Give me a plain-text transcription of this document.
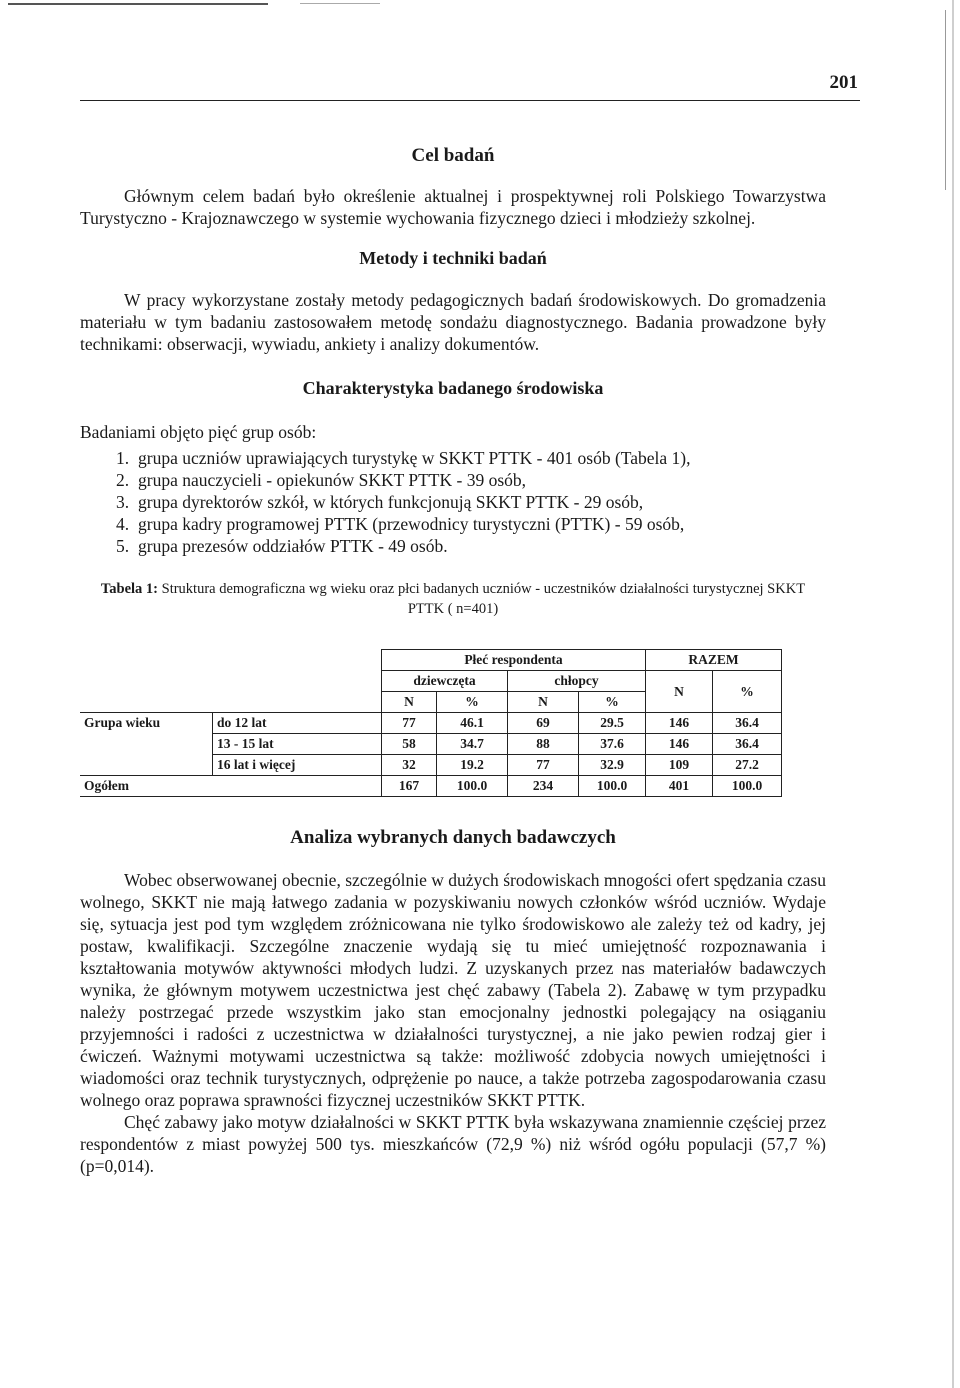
201
Cel badań

Głównym celem badań było określenie aktualnej i prospektywnej roli Polskiego Towarzystwa Turystyczno - Krajoznawczego w systemie wychowania fizycznego dzieci i młodzieży szkolnej.

Metody i techniki badań

W pracy wykorzystane zostały metody pedagogicznych badań środowiskowych. Do gromadzenia materiału w tym badaniu zastosowałem metodę sondażu diagnostycznego. Badania prowadzone były technikami: obserwacji, wywiadu, ankiety i analizy dokumentów.

Charakterystyka badanego środowiska

Badaniami objęto pięć grup osób:

1. grupa uczniów uprawiających turystykę w SKKT PTTK - 401 osób (Tabela 1),
2. grupa nauczycieli - opiekunów SKKT PTTK - 39 osób,
3. grupa dyrektorów szkół, w których funkcjonują SKKT PTTK - 29 osób,
4. grupa kadry programowej PTTK (przewodnicy turystyczni (PTTK) - 59 osób,
5. grupa prezesów oddziałów PTTK - 49 osób.
Tabela 1: Struktura demograficzna wg wieku oraz płci badanych uczniów - uczestników działalności turystycznej SKKT PTTK ( n=401)
		Płeć respondenta				RAZEM	
		dziewczęta		chłopcy		N	%
		N	%	N	%		
Grupa wieku	do 12 lat	77	46.1	69	29.5	146	36.4
	13 - 15 lat	58	34.7	88	37.6	146	36.4
	16 lat i więcej	32	19.2	77	32.9	109	27.2
Ogółem		167	100.0	234	100.0	401	100.0
Analiza wybranych danych badawczych

Wobec obserwowanej obecnie, szczególnie w dużych środowiskach mnogości ofert spędzania czasu wolnego, SKKT nie mają łatwego zadania w pozyskiwaniu nowych członków wśród uczniów. Wydaje się, sytuacja jest pod tym względem zróżnicowana nie tylko środowiskowo ale zależy też od kadry, jej postaw, kwalifikacji. Szczególne znaczenie wydają się tu mieć umiejętność rozpoznawania i kształtowania motywów aktywności młodych ludzi. Z uzyskanych przez nas materiałów badawczych wynika, że głównym motywem uczestnictwa jest chęć zabawy (Tabela 2). Zabawę w tym przypadku należy postrzegać przede wszystkim jako stan emocjonalny jednostki polegający na osiąganiu przyjemności i radości z uczestnictwa w działalności turystycznej, a nie jako pewien rodzaj gier i ćwiczeń. Ważnymi motywami uczestnictwa są także: możliwość zdobycia nowych umiejętności i wiadomości oraz technik turystycznych, odprężenie po nauce, a także potrzeba zagospodarowania czasu wolnego oraz poprawa sprawności fizycznej uczestników SKKT PTTK.

Chęć zabawy jako motyw działalności w SKKT PTTK była wskazywana znamiennie częściej przez respondentów z miast powyżej 500 tys. mieszkańców (72,9 %) niż wśród ogółu populacji (57,7 %) (p=0,014).
